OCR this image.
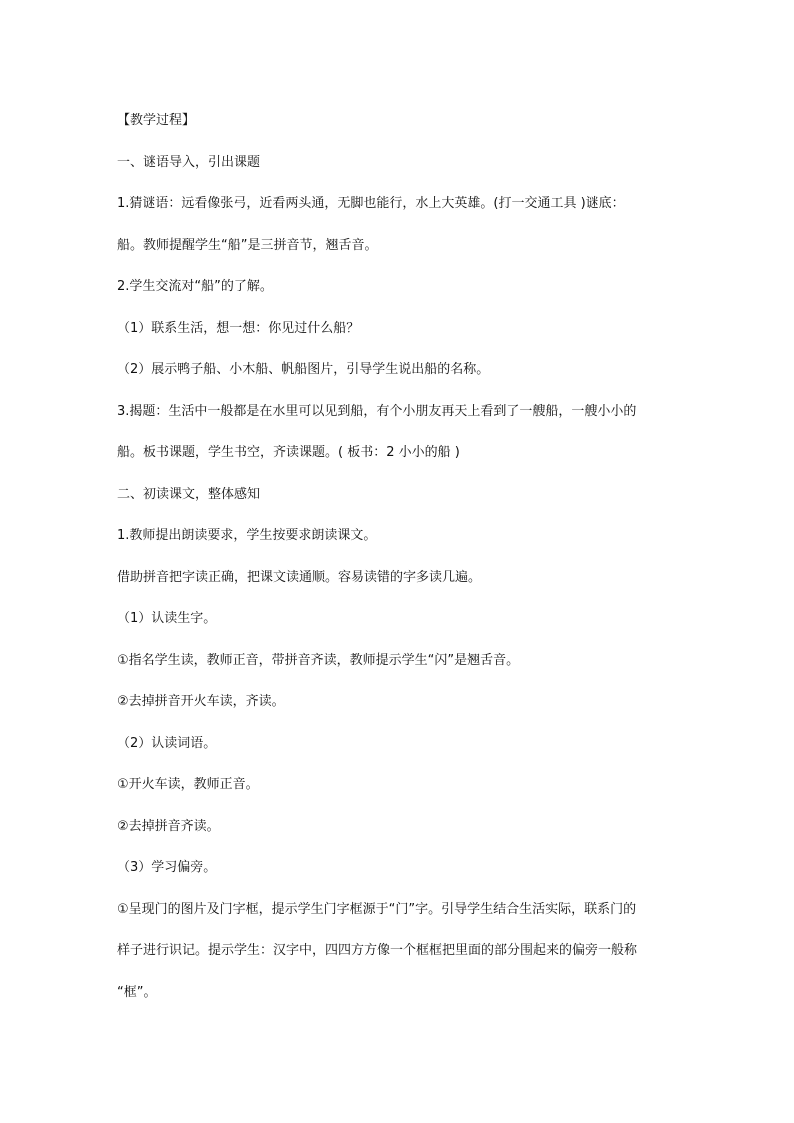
【教学过程】
一、谜语导入，引出课题
1.猜谜语：远看像张弓，近看两头通，无脚也能行，水上大英雄。(打一交通工具 )谜底：
船。教师提醒学生“船”是三拼音节，翘舌音。
2.学生交流对“船”的了解。
（1）联系生活，想一想：你见过什么船？
（2）展示鸭子船、小木船、帆船图片，引导学生说出船的名称。
3.揭题：生活中一般都是在水里可以见到船，有个小朋友再天上看到了一艘船，一艘小小的
船。板书课题，学生书空，齐读课题。( 板书：2 小小的船 )
二、初读课文，整体感知
1.教师提出朗读要求，学生按要求朗读课文。
借助拼音把字读正确，把课文读通顺。容易读错的字多读几遍。
（1）认读生字。
①指名学生读，教师正音，带拼音齐读，教师提示学生“闪”是翘舌音。
②去掉拼音开火车读，齐读。
（2）认读词语。
①开火车读，教师正音。
②去掉拼音齐读。
（3）学习偏旁。
①呈现门的图片及门字框，提示学生门字框源于“门”字。引导学生结合生活实际，联系门的
样子进行识记。提示学生：汉字中，四四方方像一个框框把里面的部分围起来的偏旁一般称
“框”。
